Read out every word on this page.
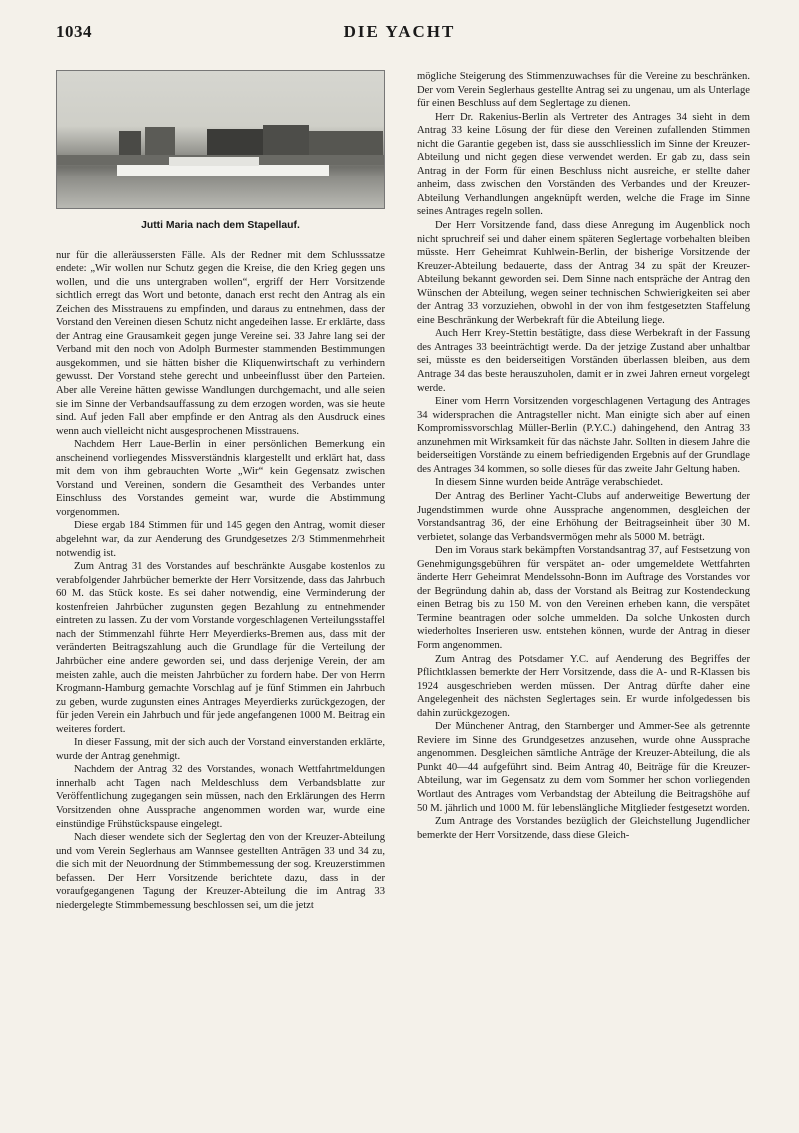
1034	DIE YACHT
Jutti Maria nach dem Stapellauf.

nur für die alleräussersten Fälle. Als der Redner mit dem Schlusssatze endete: „Wir wollen nur Schutz gegen die Kreise, die den Krieg gegen uns wollen, und die uns untergraben wollen“, ergriff der Herr Vorsitzende sichtlich erregt das Wort und betonte, danach erst recht den Antrag als ein Zeichen des Misstrauens zu empfinden, und daraus zu entnehmen, dass der Vorstand den Vereinen diesen Schutz nicht angedeihen lasse. Er erklärte, dass der Antrag eine Grausamkeit gegen junge Vereine sei. 33 Jahre lang sei der Verband mit den noch von Adolph Burmester stammenden Bestimmungen ausgekommen, und sie hätten bisher die Kliquenwirtschaft zu verhindern gewusst. Der Vorstand stehe gerecht und unbeeinflusst über den Parteien. Aber alle Vereine hätten gewisse Wandlungen durchgemacht, und alle seien sie im Sinne der Verbandsauffassung zu dem erzogen worden, was sie heute sind. Auf jeden Fall aber empfinde er den Antrag als den Ausdruck eines wenn auch vielleicht nicht ausgesprochenen Misstrauens.

Nachdem Herr Laue-Berlin in einer persönlichen Bemerkung ein anscheinend vorliegendes Missverständnis klargestellt und erklärt hat, dass mit dem von ihm gebrauchten Worte „Wir“ kein Gegensatz zwischen Vorstand und Vereinen, sondern die Gesamtheit des Verbandes unter Einschluss des Vorstandes gemeint war, wurde die Abstimmung vorgenommen.

Diese ergab 184 Stimmen für und 145 gegen den Antrag, womit dieser abgelehnt war, da zur Aenderung des Grundgesetzes 2/3 Stimmenmehrheit notwendig ist.

Zum Antrag 31 des Vorstandes auf beschränkte Ausgabe kostenlos zu verabfolgender Jahrbücher bemerkte der Herr Vorsitzende, dass das Jahrbuch 60 M. das Stück koste. Es sei daher notwendig, eine Verminderung der kostenfreien Jahrbücher zugunsten gegen Bezahlung zu entnehmender eintreten zu lassen. Zu der vom Vorstande vorgeschlagenen Verteilungsstaffel nach der Stimmenzahl führte Herr Meyerdierks-Bremen aus, dass mit der veränderten Beitragszahlung auch die Grundlage für die Verteilung der Jahrbücher eine andere geworden sei, und dass derjenige Verein, der am meisten zahle, auch die meisten Jahrbücher zu fordern habe. Der von Herrn Krogmann-Hamburg gemachte Vorschlag auf je fünf Stimmen ein Jahrbuch zu geben, wurde zugunsten eines Antrages Meyerdierks zurückgezogen, der für jeden Verein ein Jahrbuch und für jede angefangenen 1000 M. Beitrag ein weiteres fordert.

In dieser Fassung, mit der sich auch der Vorstand einverstanden erklärte, wurde der Antrag genehmigt.

Nachdem der Antrag 32 des Vorstandes, wonach Wettfahrtmeldungen innerhalb acht Tagen nach Meldeschluss dem Verbandsblatte zur Veröffentlichung zugegangen sein müssen, nach den Erklärungen des Herrn Vorsitzenden ohne Aussprache angenommen worden war, wurde eine einstündige Frühstückspause eingelegt.

Nach dieser wendete sich der Seglertag den von der Kreuzer-Abteilung und vom Verein Seglerhaus am Wannsee gestellten Anträgen 33 und 34 zu, die sich mit der Neuordnung der Stimmbemessung der sog. Kreuzerstimmen befassen. Der Herr Vorsitzende berichtete dazu, dass in der voraufgegangenen Tagung der Kreuzer-Abteilung die im Antrag 33 niedergelegte Stimmbemessung beschlossen sei, um die jetzt

mögliche Steigerung des Stimmenzuwachses für die Vereine zu beschränken. Der vom Verein Seglerhaus gestellte Antrag sei zu ungenau, um als Unterlage für einen Beschluss auf dem Seglertage zu dienen.

Herr Dr. Rakenius-Berlin als Vertreter des Antrages 34 sieht in dem Antrag 33 keine Lösung der für diese den Vereinen zufallenden Stimmen nicht die Garantie gegeben ist, dass sie ausschliesslich im Sinne der Kreuzer-Abteilung und nicht gegen diese verwendet werden. Er gab zu, dass sein Antrag in der Form für einen Beschluss nicht ausreiche, er stellte daher anheim, dass zwischen den Vorständen des Verbandes und der Kreuzer-Abteilung Verhandlungen angeknüpft werden, welche die Frage im Sinne seines Antrages regeln sollen.

Der Herr Vorsitzende fand, dass diese Anregung im Augenblick noch nicht spruchreif sei und daher einem späteren Seglertage vorbehalten bleiben müsste. Herr Geheimrat Kuhlwein-Berlin, der bisherige Vorsitzende der Kreuzer-Abteilung bedauerte, dass der Antrag 34 zu spät der Kreuzer-Abteilung bekannt geworden sei. Dem Sinne nach entspräche der Antrag den Wünschen der Abteilung, wegen seiner technischen Schwierigkeiten sei aber der Antrag 33 vorzuziehen, obwohl in der von ihm festgesetzten Staffelung eine Beschränkung der Werbekraft für die Abteilung liege.

Auch Herr Krey-Stettin bestätigte, dass diese Werbekraft in der Fassung des Antrages 33 beeinträchtigt werde. Da der jetzige Zustand aber unhaltbar sei, müsste es den beiderseitigen Vorständen überlassen bleiben, aus dem Antrage 34 das beste herauszuholen, damit er in zwei Jahren erneut vorgelegt werde.

Einer vom Herrn Vorsitzenden vorgeschlagenen Vertagung des Antrages 34 widersprachen die Antragsteller nicht. Man einigte sich aber auf einen Kompromissvorschlag Müller-Berlin (P.Y.C.) dahingehend, den Antrag 33 anzunehmen mit Wirksamkeit für das nächste Jahr. Sollten in diesem Jahre die beiderseitigen Vorstände zu einem befriedigenden Ergebnis auf der Grundlage des Antrages 34 kommen, so solle dieses für das zweite Jahr Geltung haben.

In diesem Sinne wurden beide Anträge verabschiedet.

Der Antrag des Berliner Yacht-Clubs auf anderweitige Bewertung der Jugendstimmen wurde ohne Aussprache angenommen, desgleichen der Vorstandsantrag 36, der eine Erhöhung der Beitragseinheit über 30 M. verbietet, solange das Verbandsvermögen mehr als 5000 M. beträgt.

Den im Voraus stark bekämpften Vorstandsantrag 37, auf Festsetzung von Genehmigungsgebühren für verspätet an- oder umgemeldete Wettfahrten änderte Herr Geheimrat Mendelssohn-Bonn im Auftrage des Vorstandes vor der Begründung dahin ab, dass der Vorstand als Beitrag zur Kostendeckung einen Betrag bis zu 150 M. von den Vereinen erheben kann, die verspätet Termine beantragen oder solche ummelden. Da solche Unkosten durch wiederholtes Inserieren usw. entstehen können, wurde der Antrag in dieser Form angenommen.

Zum Antrag des Potsdamer Y.C. auf Aenderung des Begriffes der Pflichtklassen bemerkte der Herr Vorsitzende, dass die A- und R-Klassen bis 1924 ausgeschrieben werden müssen. Der Antrag dürfte daher eine Angelegenheit des nächsten Seglertages sein. Er wurde infolgedessen bis dahin zurückgezogen.

Der Münchener Antrag, den Starnberger und Ammer-See als getrennte Reviere im Sinne des Grundgesetzes anzusehen, wurde ohne Aussprache angenommen. Desgleichen sämtliche Anträge der Kreuzer-Abteilung, die als Punkt 40—44 aufgeführt sind. Beim Antrag 40, Beiträge für die Kreuzer-Abteilung, war im Gegensatz zu dem vom Sommer her schon vorliegenden Wortlaut des Antrages vom Verbandstag der Abteilung die Beitragshöhe auf 50 M. jährlich und 1000 M. für lebenslängliche Mitglieder festgesetzt worden.

Zum Antrage des Vorstandes bezüglich der Gleichstellung Jugendlicher bemerkte der Herr Vorsitzende, dass diese Gleich-
